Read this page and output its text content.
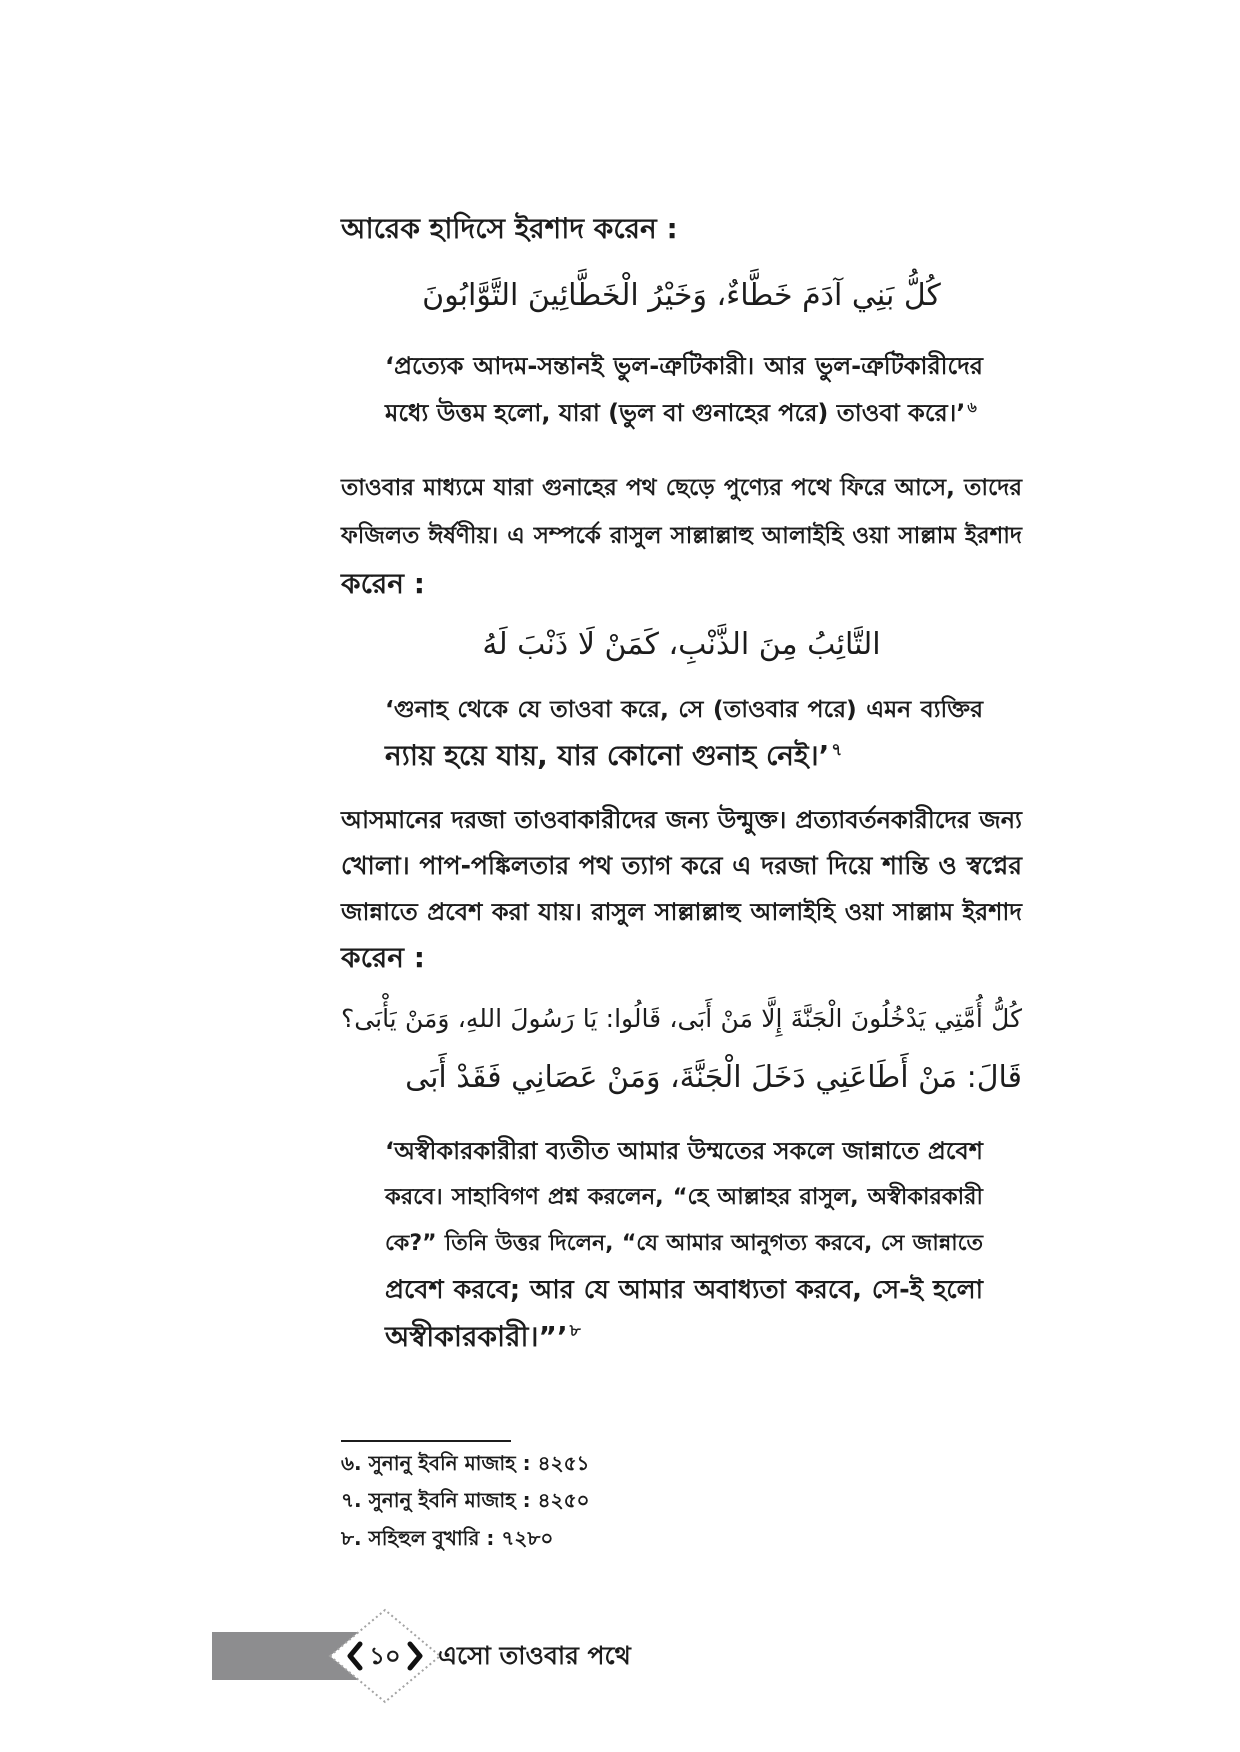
আরেক হাদিসে ইরশাদ করেন :
كُلُّ بَنِي آدَمَ خَطَّاءٌ، وَخَيْرُ الْخَطَّائِينَ التَّوَّابُونَ
‘প্রত্যেক আদম-সন্তানই ভুল-ত্রুটিকারী। আর ভুল-ত্রুটিকারীদের
মধ্যে উত্তম হলো, যারা (ভুল বা গুনাহের পরে) তাওবা করে।’ $^৬$
তাওবার মাধ্যমে যারা গুনাহের পথ ছেড়ে পুণ্যের পথে ফিরে আসে, তাদের
ফজিলত ঈর্ষণীয়। এ সম্পর্কে রাসুল সাল্লাল্লাহু আলাইহি ওয়া সাল্লাম ইরশাদ
করেন :
التَّائِبُ مِنَ الذَّنْبِ، كَمَنْ لَا ذَنْبَ لَهُ
‘গুনাহ থেকে যে তাওবা করে, সে (তাওবার পরে) এমন ব্যক্তির
ন্যায় হয়ে যায়, যার কোনো গুনাহ নেই।’ $^৭$
আসমানের দরজা তাওবাকারীদের জন্য উন্মুক্ত। প্রত্যাবর্তনকারীদের জন্য
খোলা। পাপ-পঙ্কিলতার পথ ত্যাগ করে এ দরজা দিয়ে শান্তি ও স্বপ্নের
জান্নাতে প্রবেশ করা যায়। রাসুল সাল্লাল্লাহু আলাইহি ওয়া সাল্লাম ইরশাদ
করেন :
كُلُّ أُمَّتِي يَدْخُلُونَ الْجَنَّةَ إِلَّا مَنْ أَبَى، قَالُوا: يَا رَسُولَ اللهِ، وَمَنْ يَأْبَى؟
قَالَ: مَنْ أَطَاعَنِي دَخَلَ الْجَنَّةَ، وَمَنْ عَصَانِي فَقَدْ أَبَى
‘অস্বীকারকারীরা ব্যতীত আমার উম্মতের সকলে জান্নাতে প্রবেশ
করবে। সাহাবিগণ প্রশ্ন করলেন, “হে আল্লাহর রাসুল, অস্বীকারকারী
কে?” তিনি উত্তর দিলেন, “যে আমার আনুগত্য করবে, সে জান্নাতে
প্রবেশ করবে; আর যে আমার অবাধ্যতা করবে, সে-ই হলো
অস্বীকারকারী।”’ $^৮$
৬. সুনানু ইবনি মাজাহ : ৪২৫১
৭. সুনানু ইবনি মাজাহ : ৪২৫০
৮. সহিহুল বুখারি : ৭২৮০
১০	এসো তাওবার পথে
